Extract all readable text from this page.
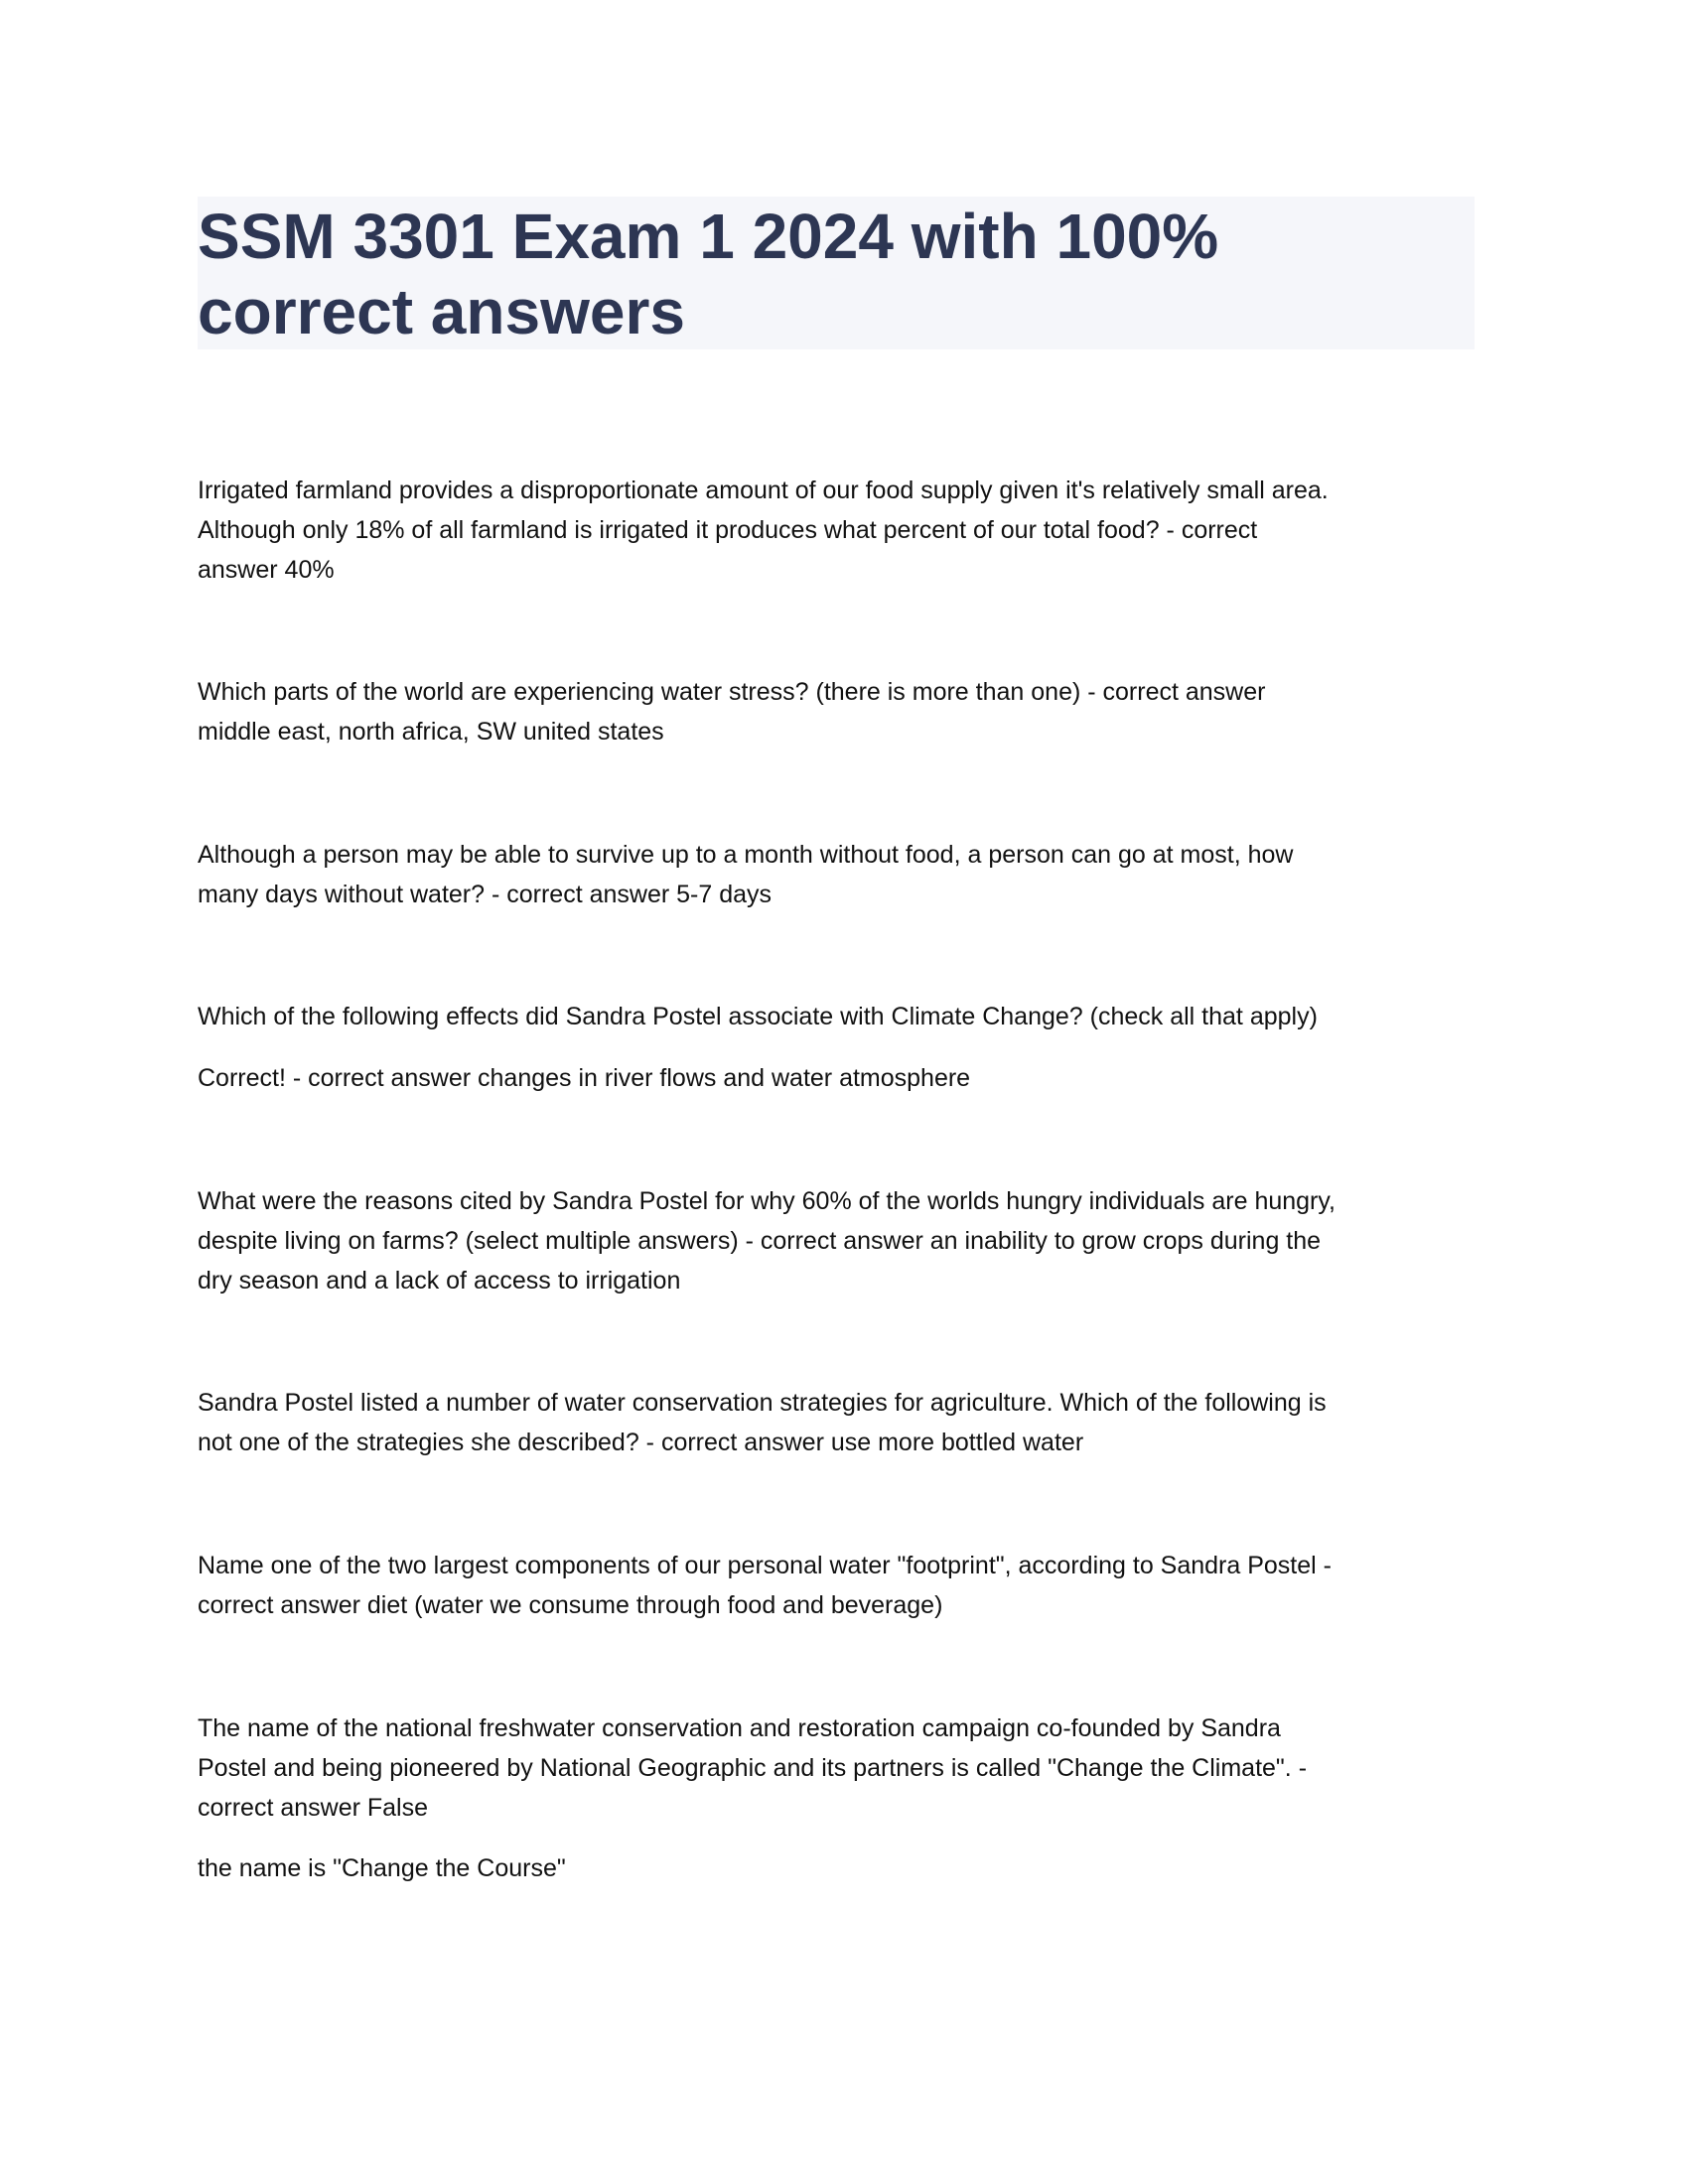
SSM 3301 Exam 1 2024 with 100%
correct answers

Irrigated farmland provides a disproportionate amount of our food supply given it's relatively small area.
Although only 18% of all farmland is irrigated it produces what percent of our total food? - correct
answer 40%

Which parts of the world are experiencing water stress? (there is more than one) - correct answer
middle east, north africa, SW united states

Although a person may be able to survive up to a month without food, a person can go at most, how
many days without water? - correct answer 5-7 days

Which of the following effects did Sandra Postel associate with Climate Change? (check all that apply)

Correct! - correct answer changes in river flows and water atmosphere

What were the reasons cited by Sandra Postel for why 60% of the worlds hungry individuals are hungry,
despite living on farms? (select multiple answers) - correct answer an inability to grow crops during the
dry season and a lack of access to irrigation

Sandra Postel listed a number of water conservation strategies for agriculture. Which of the following is
not one of the strategies she described? - correct answer use more bottled water

Name one of the two largest components of our personal water "footprint", according to Sandra Postel -
correct answer diet (water we consume through food and beverage)

The name of the national freshwater conservation and restoration campaign co-founded by Sandra
Postel and being pioneered by National Geographic and its partners is called "Change the Climate". -
correct answer False

the name is "Change the Course"
